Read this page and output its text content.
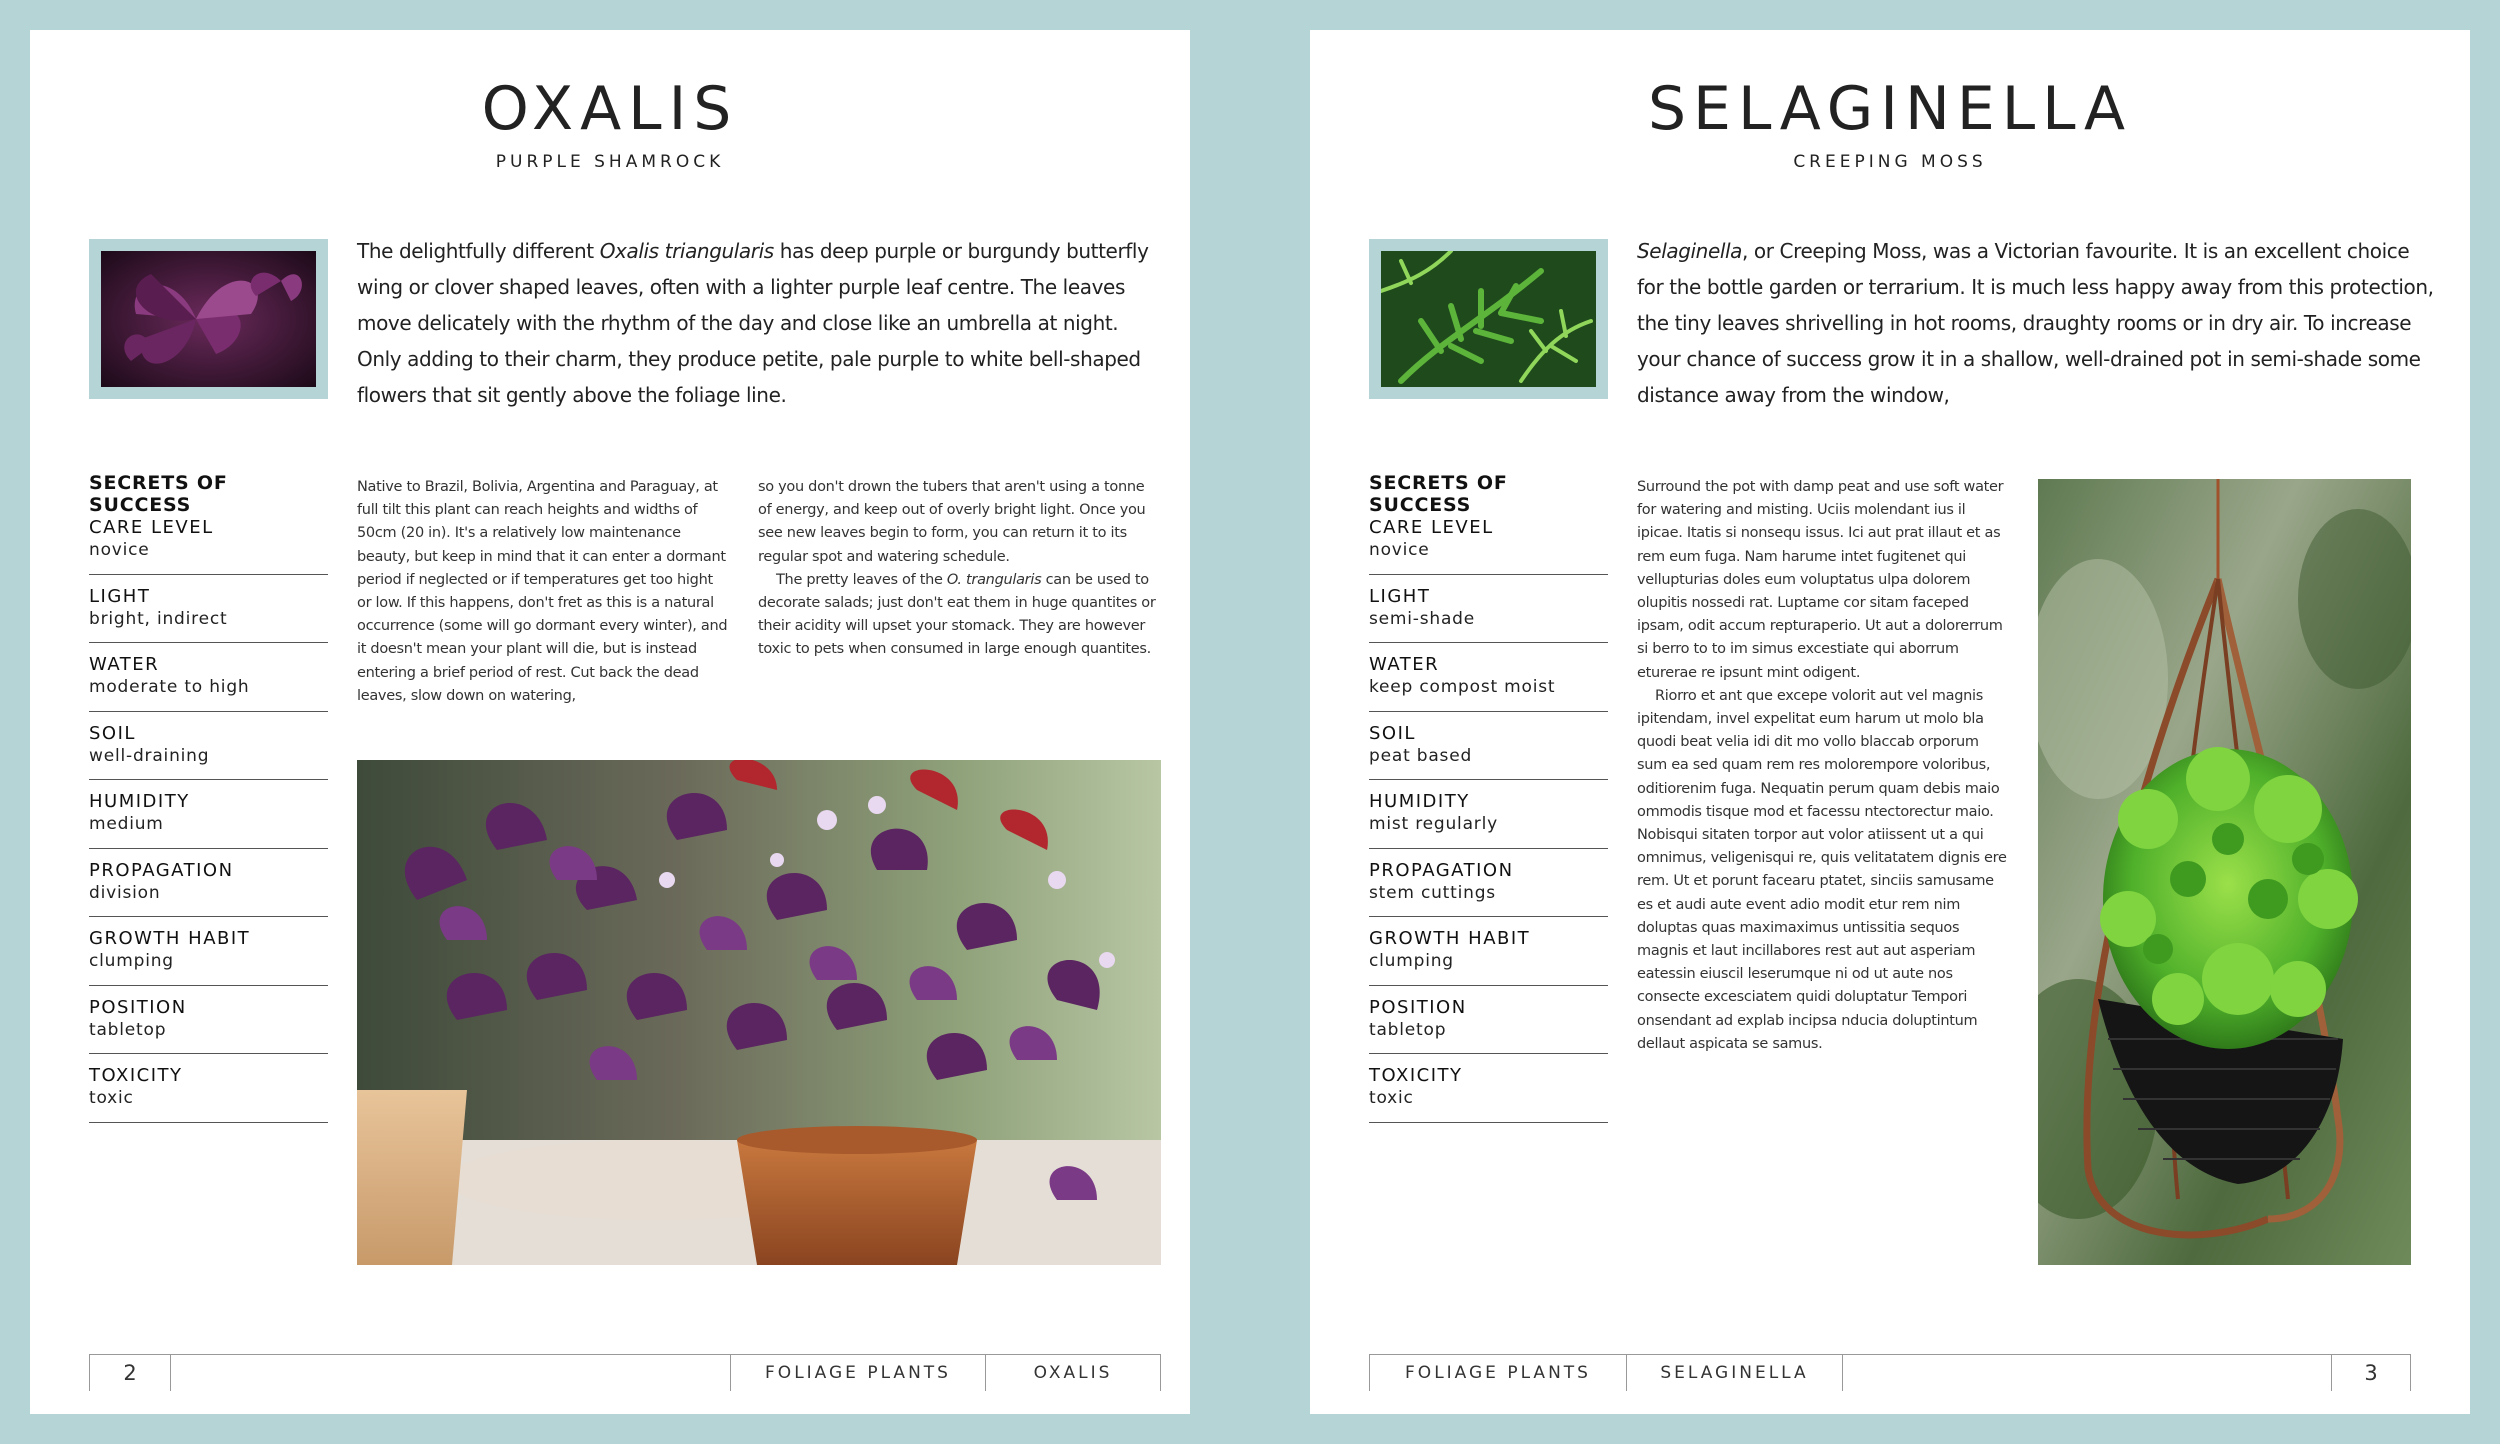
OXALIS
PURPLE SHAMROCK

The delightfully different Oxalis triangularis has deep purple or burgundy butterfly wing or clover shaped leaves, often with a lighter purple leaf centre. The leaves move delicately with the rhythm of the day and close like an umbrella at night. Only adding to their charm, they produce petite, pale purple to white bell-shaped flowers that sit gently above the foliage line.

SECRETS OF SUCCESS
CARE LEVEL
novice
LIGHT
bright, indirect
WATER
moderate to high
SOIL
well-draining
HUMIDITY
medium
PROPAGATION
division
GROWTH HABIT
clumping
POSITION
tabletop
TOXICITY
toxic

Native to Brazil, Bolivia, Argentina and Paraguay, at full tilt this plant can reach heights and widths of 50cm (20 in). It's a relatively low maintenance beauty, but keep in mind that it can enter a dormant period if neglected or if temperatures get too hight or low. If this happens, don't fret as this is a natural occurrence (some will go dormant every winter), and it doesn't mean your plant will die, but is instead entering a brief period of rest. Cut back the dead leaves, slow down on watering,

so you don't drown the tubers that aren't using a tonne of energy, and keep out of overly bright light. Once you see new leaves begin to form, you can return it to its regular spot and watering schedule.

The pretty leaves of the O. trangularis can be used to decorate salads; just don't eat them in huge quantites or their acidity will upset your stomack. They are however toxic to pets when consumed in large enough quantites.

2	FOLIAGE PLANTS	OXALIS
SELAGINELLA
CREEPING MOSS

Selaginella, or Creeping Moss, was a Victorian favourite. It is an excellent choice for the bottle garden or terrarium. It is much less happy away from this protection, the tiny leaves shrivelling in hot rooms, draughty rooms or in dry air. To increase your chance of success grow it in a shallow, well-drained pot in semi-shade some distance away from the window,

SECRETS OF SUCCESS
CARE LEVEL
novice
LIGHT
semi-shade
WATER
keep compost moist
SOIL
peat based
HUMIDITY
mist regularly
PROPAGATION
stem cuttings
GROWTH HABIT
clumping
POSITION
tabletop
TOXICITY
toxic

Surround the pot with damp peat and use soft water for watering and misting. Uciis molendant ius il ipicae. Itatis si nonsequ issus. Ici aut prat illaut et as rem eum fuga. Nam harume intet fugitenet qui vellupturias doles eum voluptatus ulpa dolorem olupitis nossedi rat. Luptame cor sitam faceped ipsam, odit accum repturaperio. Ut aut a dolorerrum si berro to to im simus excestiate qui aborrum eturerae re ipsunt mint odigent.

Riorro et ant que excepe volorit aut vel magnis ipitendam, invel expelitat eum harum ut molo bla quodi beat velia idi dit mo vollo blaccab orporum sum ea sed quam rem res molorempore voloribus, oditiorenim fuga. Nequatin perum quam debis maio ommodis tisque mod et facessu ntectorectur maio. Nobisqui sitaten torpor aut volor atiissent ut a qui omnimus, veligenisqui re, quis velitatatem dignis ere rem. Ut et porunt facearu ptatet, sinciis samusame es et audi aute event adio modit etur rem nim doluptas quas maximaximus untissitia sequos magnis et laut incillabores rest aut aut asperiam eatessin eiuscil leserumque ni od ut aute nos consecte excesciatem quidi doluptatur Tempori onsendant ad explab incipsa nducia doluptintum dellaut aspicata se samus.

FOLIAGE PLANTS	SELAGINELLA	3
